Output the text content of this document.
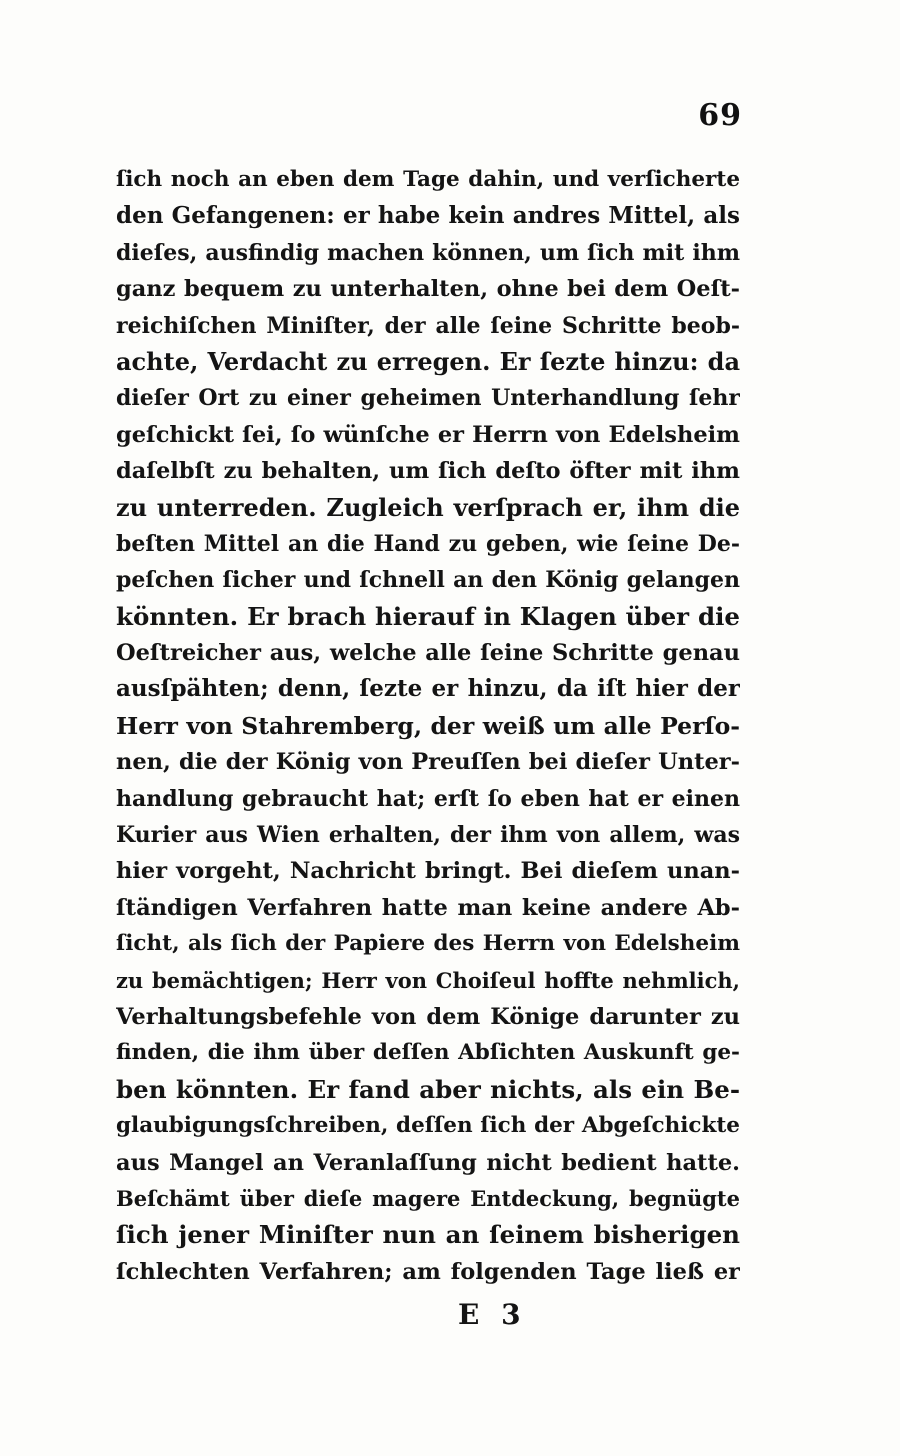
69
ſich noch an eben dem Tage dahin, und verſicherte
den Gefangenen: er habe kein andres Mittel, als
dieſes, ausfindig machen können, um ſich mit ihm
ganz bequem zu unterhalten, ohne bei dem Oeſt-
reichiſchen Miniſter, der alle ſeine Schritte beob-
achte, Verdacht zu erregen. Er ſezte hinzu: da
dieſer Ort zu einer geheimen Unterhandlung ſehr
geſchickt ſei, ſo wünſche er Herrn von Edelsheim
daſelbſt zu behalten, um ſich deſto öfter mit ihm
zu unterreden. Zugleich verſprach er, ihm die
beſten Mittel an die Hand zu geben, wie ſeine De-
peſchen ſicher und ſchnell an den König gelangen
könnten. Er brach hierauf in Klagen über die
Oeſtreicher aus, welche alle ſeine Schritte genau
ausſpähten; denn, ſezte er hinzu, da iſt hier der
Herr von Stahremberg, der weiß um alle Perſo-
nen, die der König von Preuſſen bei dieſer Unter-
handlung gebraucht hat; erſt ſo eben hat er einen
Kurier aus Wien erhalten, der ihm von allem, was
hier vorgeht, Nachricht bringt. Bei dieſem unan-
ſtändigen Verfahren hatte man keine andere Ab-
ſicht, als ſich der Papiere des Herrn von Edelsheim
zu bemächtigen; Herr von Choiſeul hoffte nehmlich,
Verhaltungsbefehle von dem Könige darunter zu
finden, die ihm über deſſen Abſichten Auskunft ge-
ben könnten. Er fand aber nichts, als ein Be-
glaubigungsſchreiben, deſſen ſich der Abgeſchickte
aus Mangel an Veranlaſſung nicht bedient hatte.
Beſchämt über dieſe magere Entdeckung, begnügte
ſich jener Miniſter nun an ſeinem bisherigen
ſchlechten Verfahren; am folgenden Tage ließ er
E 3
